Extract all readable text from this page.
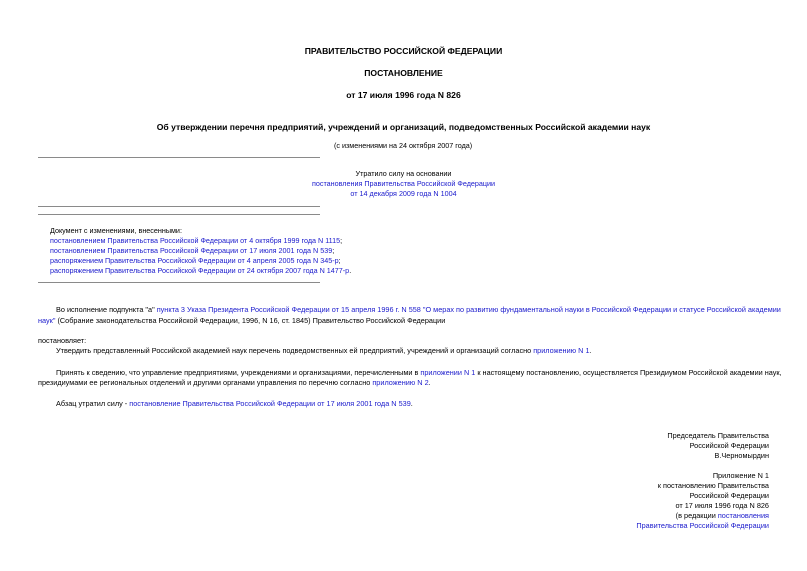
ПРАВИТЕЛЬСТВО РОССИЙСКОЙ ФЕДЕРАЦИИ
ПОСТАНОВЛЕНИЕ
от 17 июля 1996 года N 826
Об утверждении перечня предприятий, учреждений и организаций, подведомственных Российской академии наук
(с изменениями на 24 октября 2007 года)
Утратило силу на основании
постановления Правительства Российской Федерации
от 14 декабря 2009 года N 1004
Документ с изменениями, внесенными:
постановлением Правительства Российской Федерации от 4 октября 1999 года N 1115;
постановлением Правительства Российской Федерации от 17 июля 2001 года N 539;
распоряжением Правительства Российской Федерации от 4 апреля 2005 года N 345-р;
распоряжением Правительства Российской Федерации от 24 октября 2007 года N 1477-р.
Во исполнение подпункта "а" пункта 3 Указа Президента Российской Федерации от 15 апреля 1996 г. N 558 "О мерах по развитию фундаментальной науки в Российской Федерации и статусе Российской академии
наук" (Собрание законодательства Российской Федерации, 1996, N 16, ст. 1845) Правительство Российской Федерации
постановляет:
Утвердить представленный Российской академией наук перечень подведомственных ей предприятий, учреждений и организаций согласно приложению N 1.
Принять к сведению, что управление предприятиями, учреждениями и организациями, перечисленными в приложении N 1 к настоящему постановлению, осуществляется Президиумом Российской академии наук,
президиумами ее региональных отделений и другими органами управления по перечню согласно приложению N 2.
Абзац утратил силу - постановление Правительства Российской Федерации от 17 июля 2001 года N 539.
Председатель Правительства
Российской Федерации
В.Черномырдин
Приложение N 1
к постановлению Правительства
Российской Федерации
от 17 июля 1996 года N 826
(в редакции постановления
Правительства Российской Федерации
